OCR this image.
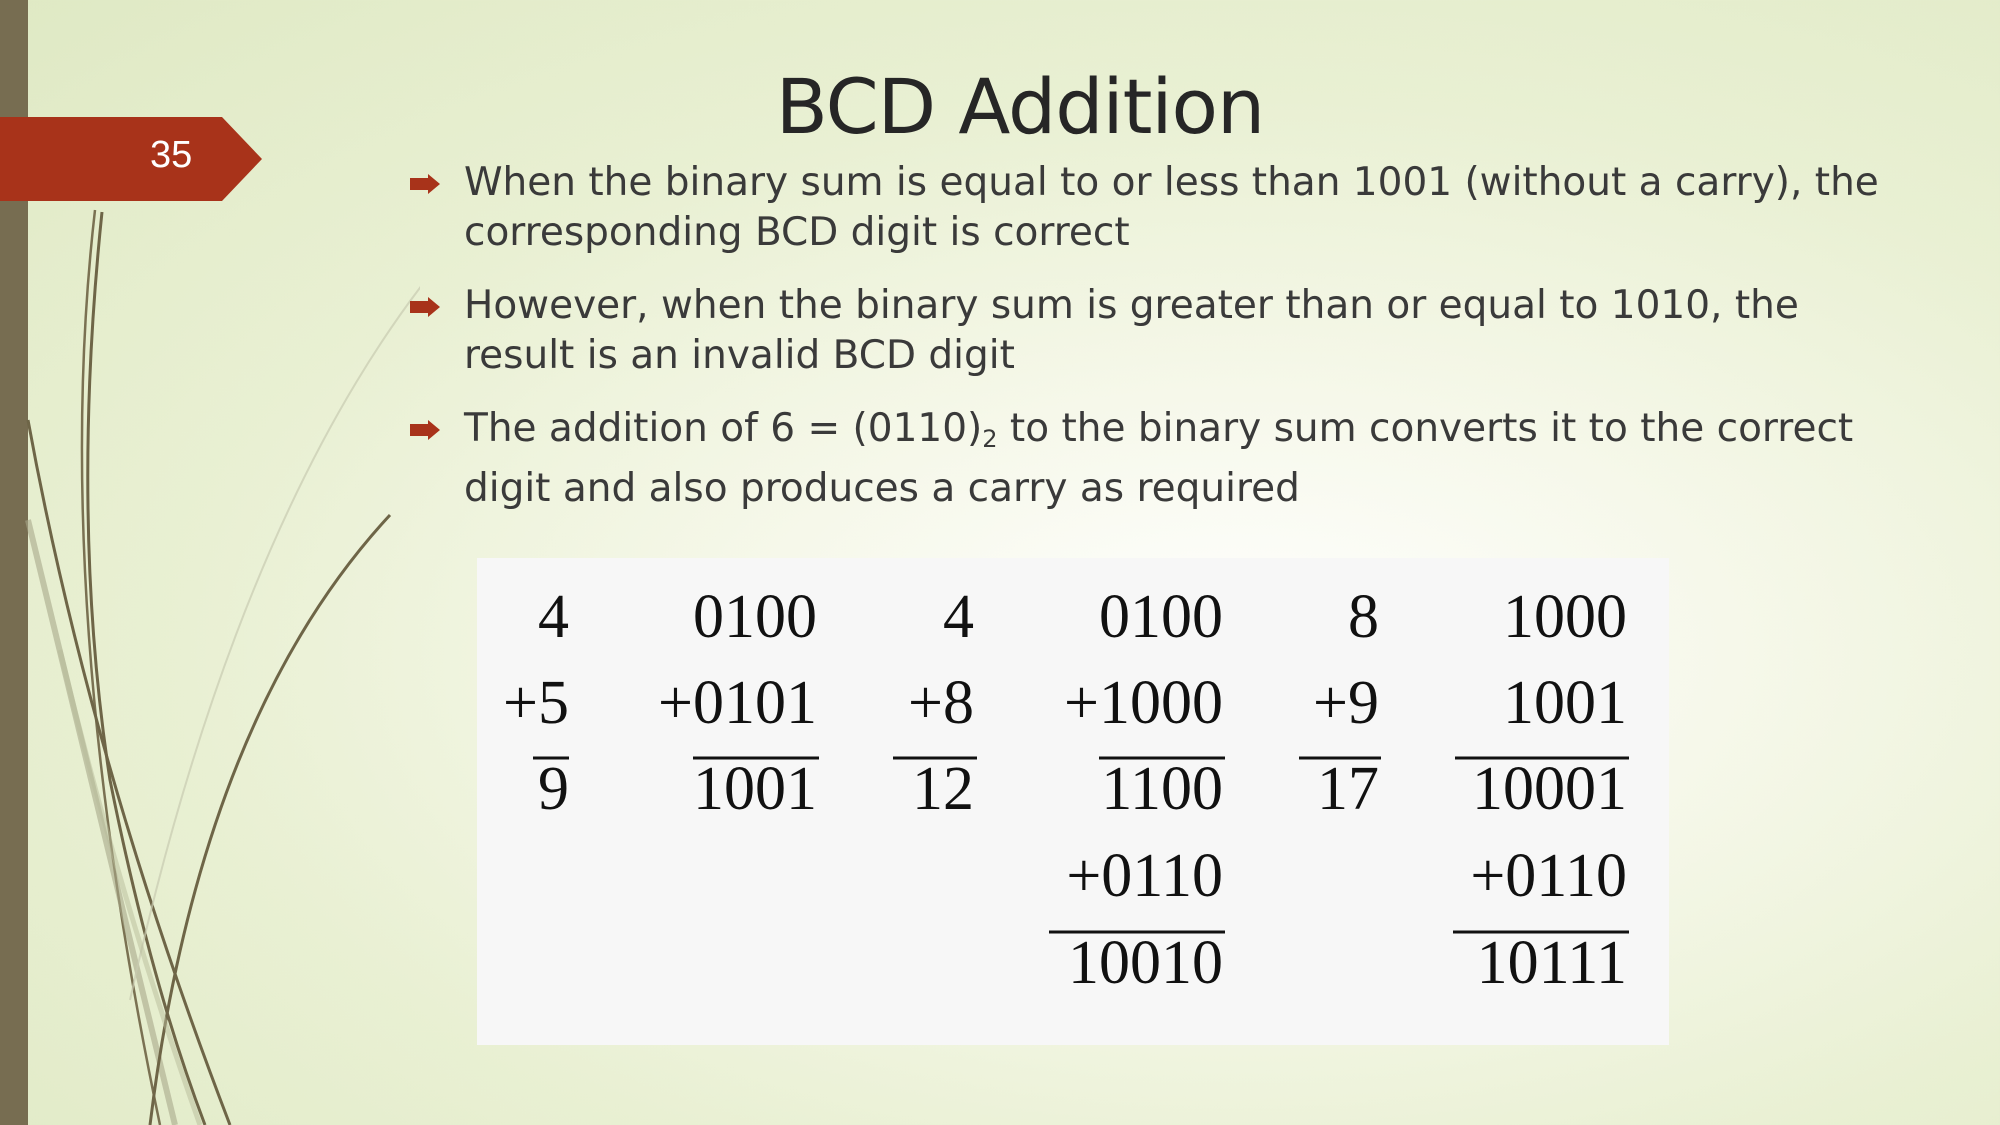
35
BCD Addition
When the binary sum is equal to or less than 1001 (without a carry), the corresponding BCD digit is correct
However, when the binary sum is greater than or equal to 1010, the result is an invalid BCD digit
The addition of $6 = (0110)_2$ to the binary sum converts it to the correct digit and also produces a carry as required
4
+5
9
0100
+0101
1001
4
+8
12
0100
+1000
1100
+0110
10010
8
+9
17
1000
1001
10001
+0110
10111
